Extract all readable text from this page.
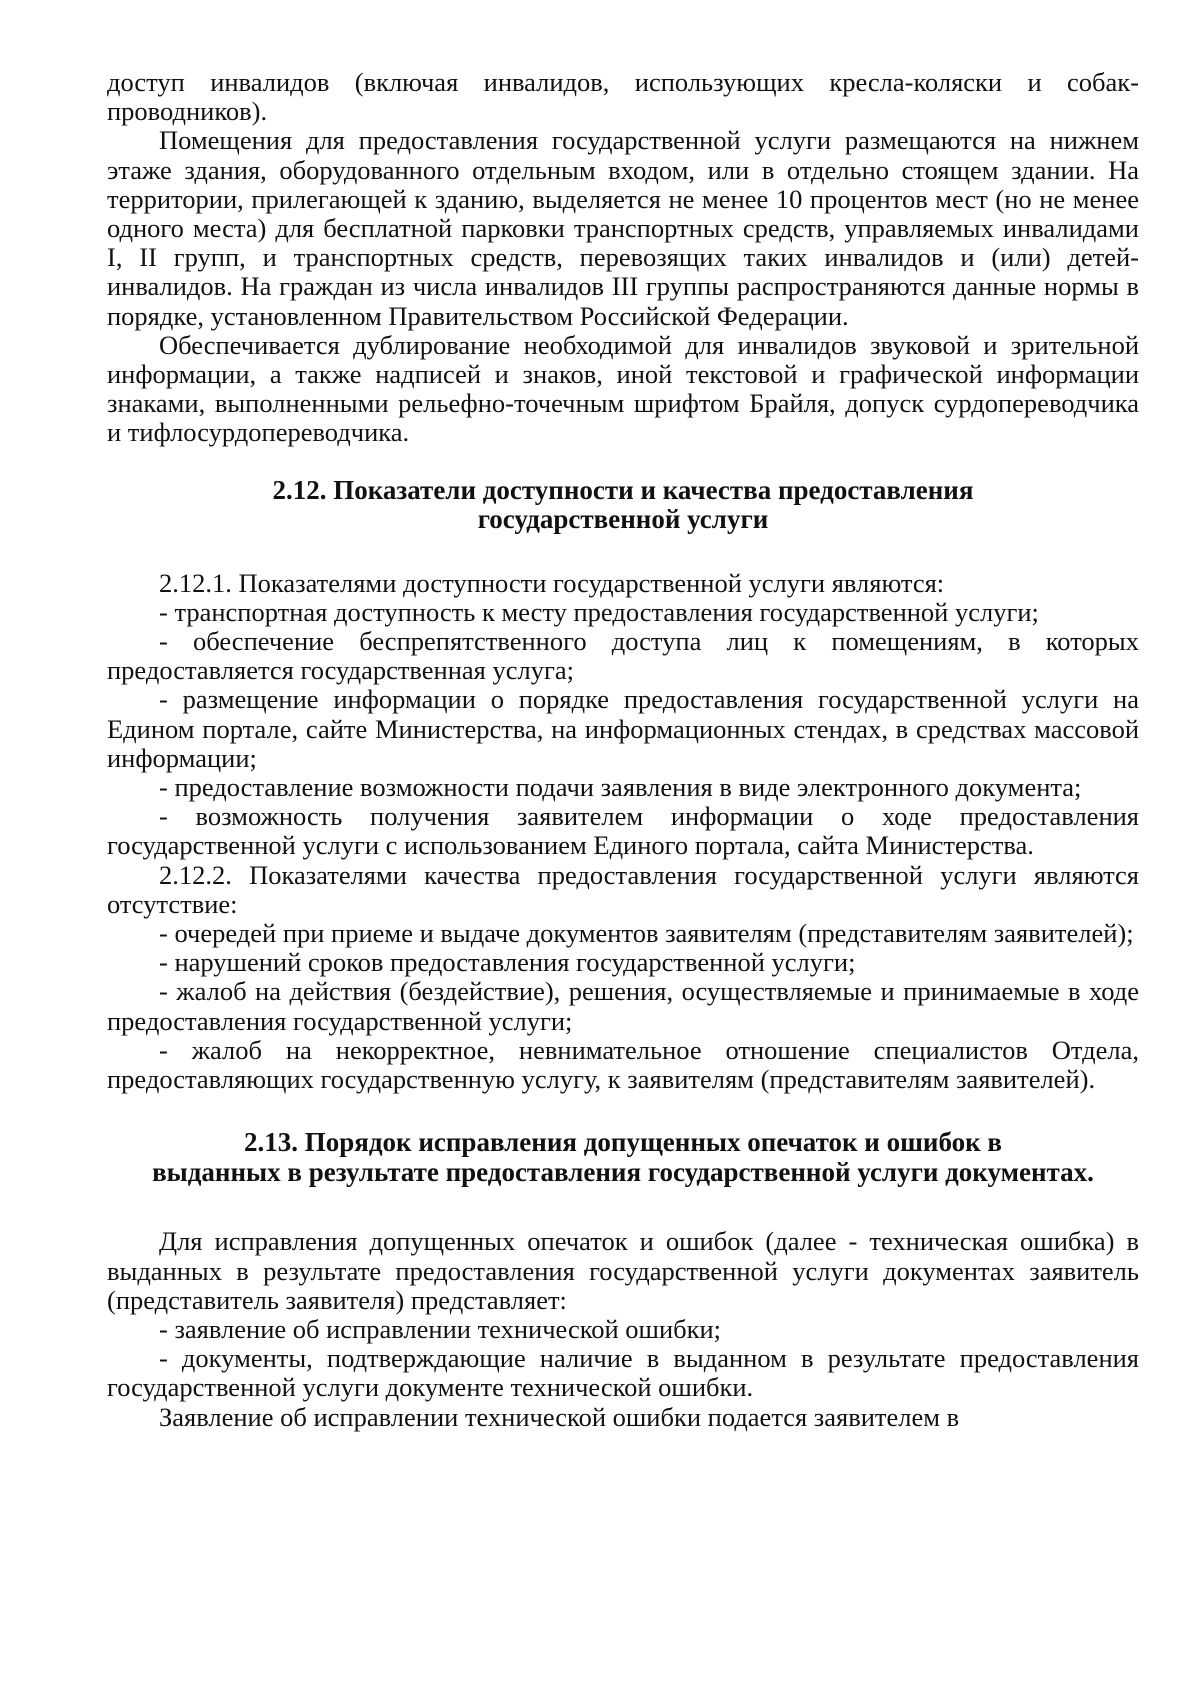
доступ инвалидов (включая инвалидов, использующих кресла-коляски и собак-проводников).

Помещения для предоставления государственной услуги размещаются на нижнем этаже здания, оборудованного отдельным входом, или в отдельно стоящем здании. На территории, прилегающей к зданию, выделяется не менее 10 процентов мест (но не менее одного места) для бесплатной парковки транспортных средств, управляемых инвалидами I, II групп, и транспортных средств, перевозящих таких инвалидов и (или) детей-инвалидов. На граждан из числа инвалидов III группы распространяются данные нормы в порядке, установленном Правительством Российской Федерации.

Обеспечивается дублирование необходимой для инвалидов звуковой и зрительной информации, а также надписей и знаков, иной текстовой и графической информации знаками, выполненными рельефно-точечным шрифтом Брайля, допуск сурдопереводчика и тифлосурдопереводчика.

2.12. Показатели доступности и качества предоставления
государственной услуги

2.12.1. Показателями доступности государственной услуги являются:

- транспортная доступность к месту предоставления государственной услуги;

- обеспечение беспрепятственного доступа лиц к помещениям, в которых предоставляется государственная услуга;

- размещение информации о порядке предоставления государственной услуги на Едином портале, сайте Министерства, на информационных стендах, в средствах массовой информации;

- предоставление возможности подачи заявления в виде электронного документа;

- возможность получения заявителем информации о ходе предоставления государственной услуги с использованием Единого портала, сайта Министерства.

2.12.2. Показателями качества предоставления государственной услуги являются отсутствие:

- очередей при приеме и выдаче документов заявителям (представителям заявителей);

- нарушений сроков предоставления государственной услуги;

- жалоб на действия (бездействие), решения, осуществляемые и принимаемые в ходе предоставления государственной услуги;

- жалоб на некорректное, невнимательное отношение специалистов Отдела, предоставляющих государственную услугу, к заявителям (представителям заявителей).

2.13. Порядок исправления допущенных опечаток и ошибок в
выданных в результате предоставления государственной услуги документах.

Для исправления допущенных опечаток и ошибок (далее - техническая ошибка) в выданных в результате предоставления государственной услуги документах заявитель (представитель заявителя) представляет:

- заявление об исправлении технической ошибки;

- документы, подтверждающие наличие в выданном в результате предоставления государственной услуги документе технической ошибки.

Заявление об исправлении технической ошибки подается заявителем в
